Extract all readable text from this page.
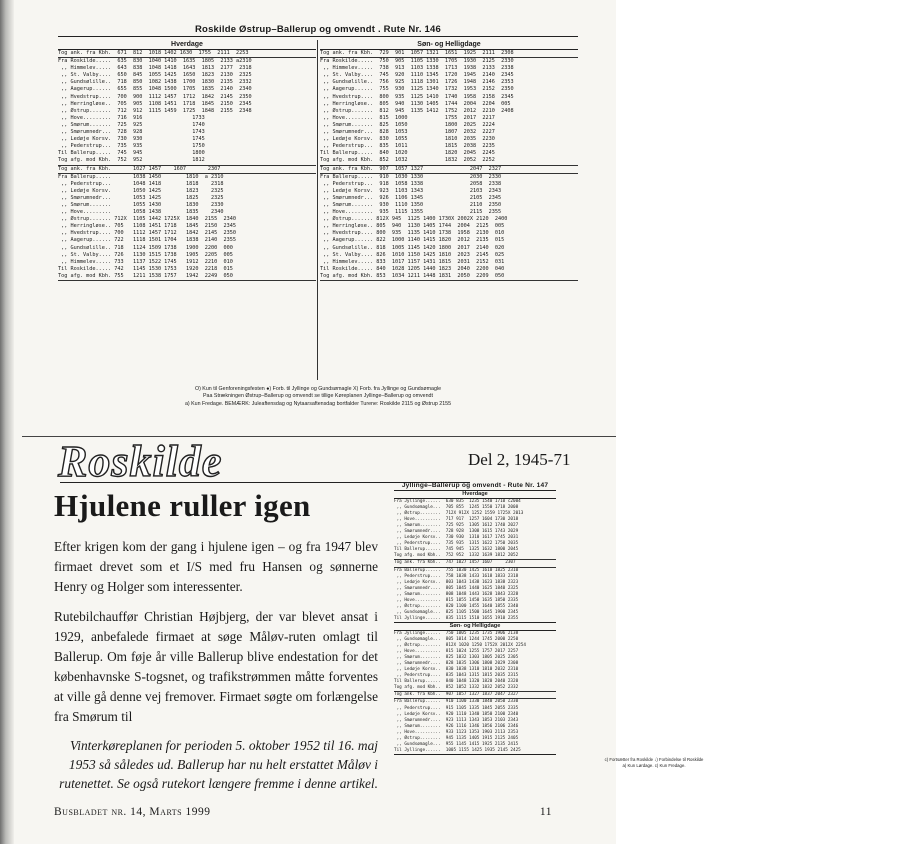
Roskilde Østrup–Ballerup og omvendt . Rute Nr. 146
Hverdage
Tog ank. fra Kbh.  671  812  1018 1402 1630  1755  2111  2253
Fra Roskilde.....  635  830  1040 1410  1635  1805  2133 a2310
,, Himmelev.....  643  838  1048 1418  1643  1813  2177  2318
,, St. Valby....  650  845  1055 1425  1650  1823  2130  2325
,, Gundsølille..  718  850  1082 1438  1700  1830  2135  2332
,, Aagerup......  655  855  1048 1500  1705  1835  2140  2340
,, Hvedstrup....  700  900  1112 1457  1712  1842  2145  2350
,, Herringløse..  705  905  1108 1451  1718  1845  2150  2345
,, Østrup.......  712  912  1115 1459  1725  1848  2155  2348
,, Hove.........  716  916                1733
,, Smørum.......  725  925                1740
,, Smørumnedr...  728  928                1743
,, Ledøje Korsv.  730  930                1745
,, Pederstrup...  735  935                1750
Til Ballerup.....  745  945                1800
Tog afg. mod Kbh.  752  952                1812
Tog ank. fra Kbh.       1027 1457    1607       2307
Fra Ballerup.....       1038 1450        1810  a 2310
,, Pederstrup...       1048 1418        1818    2318
,, Ledøje Korsv.       1050 1425        1823    2325
,, Smørumnedr...       1053 1425        1825    2325
,, Smørum.......       1055 1430        1830    2330
,, Hove.........       1058 1438        1835    2340
,, Østrup....... 712X  1105 1442 1725X  1840  2155  2340
,, Herringløse.. 705   1108 1451 1718   1845  2150  2345
,, Hvedstrup.... 700   1112 1457 1712   1842  2145  2350
,, Aagerup...... 722   1118 1501 1704   1838  2140  2355
,, Gundsølille.. 718   1124 1509 1738   1900  2200  000
,, St. Valby.... 726   1130 1515 1738   1905  2205  005
,, Himmelev..... 733   1137 1522 1745   1912  2210  010
Til Roskilde..... 742   1145 1530 1753   1920  2218  015
Tog afg. mod Kbh. 755   1211 1538 1757   1942  2249  050
Søn- og Helligdage
Tog ank. fra Kbh.  729  901  1057 1321  1651  1925  2111  2308
Fra Roskilde.....  750  905  1105 1330  1705  1930  2125  2330
,, Himmelev.....  738  913  1103 1338  1713  1938  2133  2338
,, St. Valby....  745  920  1110 1345  1720  1945  2140  2345
,, Gundsølille..  756  925  1118 1301  1726  1948  2146  2353
,, Aagerup......  755  930  1125 1340  1732  1953  2152  2350
,, Hvedstrup....  800  935  1125 1410  1740  1958  2158  2345
,, Herringløse..  805  940  1130 1405  1744  2004  2204  005
,, Østrup.......  812  945  1135 1412  1752  2012  2210  2408
,, Hove.........  815  1000            1755  2017  2217
,, Smørum.......  825  1050            1800  2025  2224
,, Smørumnedr...  828  1053            1807  2032  2227
,, Ledøje Korsv.  830  1055            1810  2035  2230
,, Pederstrup...  835  1011            1815  2038  2235
Til Ballerup.....  840  1020            1820  2045  2245
Tog afg. mod Kbh.  852  1032            1832  2052  2252
Tog ank. fra Kbh.  907  1057 1327               2047  2327
Fra Ballerup.....  910  1030 1330               2030  2330
,, Pederstrup...  918  1058 1338               2058  2338
,, Ledøje Korsv.  923  1103 1343               2103  2343
,, Smørumnedr...  926  1106 1345               2105  2345
,, Smørum.......  930  1110 1350               2110  2350
,, Hove.........  935  1115 1355               2115  2355
,, Østrup....... 812X 945  1125 1400 1730X 2002X 2120  2400
,, Herringløse.. 805  940  1130 1405 1744  2004  2125  005
,, Hvedstrup.... 800  935  1135 1410 1738  1958  2130  010
,, Aagerup...... 822  1000 1140 1415 1820  2012  2135  015
,, Gundsølille.. 818  1005 1145 1420 1800  2017  2140  020
,, St. Valby.... 826  1010 1150 1425 1810  2023  2145  025
,, Himmelev..... 833  1017 1157 1431 1815  2031  2152  031
Til Roskilde..... 840  1028 1205 1440 1823  2040  2200  040
Tog afg. mod Kbh. 853  1034 1211 1448 1831  2050  2209  050
O) Kun til Genforeningsfesten ●) Forb. til Jyllinge og Gundsømagle X) Forb. fra Jyllinge og Gundsømagle
Paa Strækningen Østrup–Ballerup og omvendt se tillige Køreplanen Jyllinge–Ballerup og omvendt
a) Kun Fredage. BEMÆRK: Juleaftensdag og Nytaarsaftensdag bortfalder Turene: Roskilde 2115 og Østrup 2155
Roskilde	Del 2, 1945-71
Hjulene ruller igen

Efter krigen kom der gang i hjulene igen – og fra 1947 blev firmaet drevet som et I/S med fru Hansen og sønnerne Henry og Holger som interessenter.

Rutebilchauffør Christian Højbjerg, der var blevet ansat i 1929, anbefalede firmaet at søge Måløv-ruten omlagt til Ballerup. Om føje år ville Ballerup blive endestation for det københavnske S-togsnet, og trafikstrømmen måtte forventes at ville gå denne vej fremover. Firmaet søgte om forlængelse fra Smørum til

Vinterkøreplanen for perioden 5. oktober 1952 til 16. maj 1953 så således ud. Ballerup har nu helt erstattet Måløv i rutenettet. Se også rutekort længere fremme i denne artikel.
Jyllinge–Ballerup og omvendt - Rute Nr. 147
Hverdage
Fra Jyllinge......  630 835  1235 1540 1710 c2004
,, Gundsømagle...  705 855  1245 1550 1718 2008
,, Østrup........  712X 912X 1252 1559 1725X 2013
,, Hove..........  717 917  1257 1604 1730 2018
,, Smørum........  725 925  1305 1612 1740 2027
,, Smørumnedr....  728 928  1308 1615 1743 2029
,, Ledøje Korsv..  730 930  1310 1617 1745 2031
,, Pederstrup....  735 935  1315 1622 1750 2035
Til Ballerup......  745 945  1325 1632 1800 2045
Tog afg. mod Kbh..  752 952  1332 1639 1812 2052
Tog ank. fra Kbh..  747 1027 1457 1607     2307
Fra Ballerup......  755 1030 1425 1610 1825 2310
,, Pederstrup....  758 1038 1433 1618 1833 2318
,, Ledøje Korsv..  803 1043 1438 1623 1838 2323
,, Smørumnedr....  805 1045 1440 1625 1840 2325
,, Smørum........  808 1048 1443 1628 1843 2328
,, Hove..........  815 1055 1450 1635 1850 2335
,, Østrup........  820 1100 1455 1640 1855 2340
,, Gundsømagle...  825 1105 1500 1645 1900 2345
Til Jyllinge......  835 1115 1510 1655 1910 2355
Søn- og Helligdage
Fra Jyllinge......  750 1005 1235 1735 1906 2138
,, Gundsømagle...  805 1014 1244 1745 2000 2250
,, Østrup........  812X 1020 1250 1752X 2012X 2254
,, Hove..........  815 1024 1255 1757 2017 2257
,, Smørum........  825 1032 1303 1805 2025 2305
,, Smørumnedr....  828 1035 1306 1808 2029 2308
,, Ledøje Korsv..  830 1038 1310 1810 2032 2310
,, Pederstrup....  835 1043 1315 1815 2035 2315
Til Ballerup......  840 1048 1320 1820 2040 2320
Tog afg. mod Kbh..  852 1052 1332 1832 2052 2332
Tog ank. fra Kbh..  907 1057 1327 1837 2047 2327
Fra Ballerup......  910 1100 1330 1840 2050 2330
,, Pederstrup....  915 1105 1335 1845 2055 2335
,, Ledøje Korsv..  920 1110 1340 1850 2100 2340
,, Smørumnedr....  923 1113 1343 1853 2103 2343
,, Smørum........  926 1116 1346 1856 2106 2346
,, Hove..........  933 1123 1353 1903 2113 2353
,, Østrup........  945 1135 1405 1915 2125 2405
,, Gundsømagle...  955 1145 1415 1925 2135 2415
Til Jyllinge......  1005 1155 1425 1935 2145 2425
c) Fortsætter fra Roskilde ↓) Forbindelse til Roskilde
a) Kun Lørdage. c) Kun Fredage.
Busbladet nr. 14, Marts 1999	11
